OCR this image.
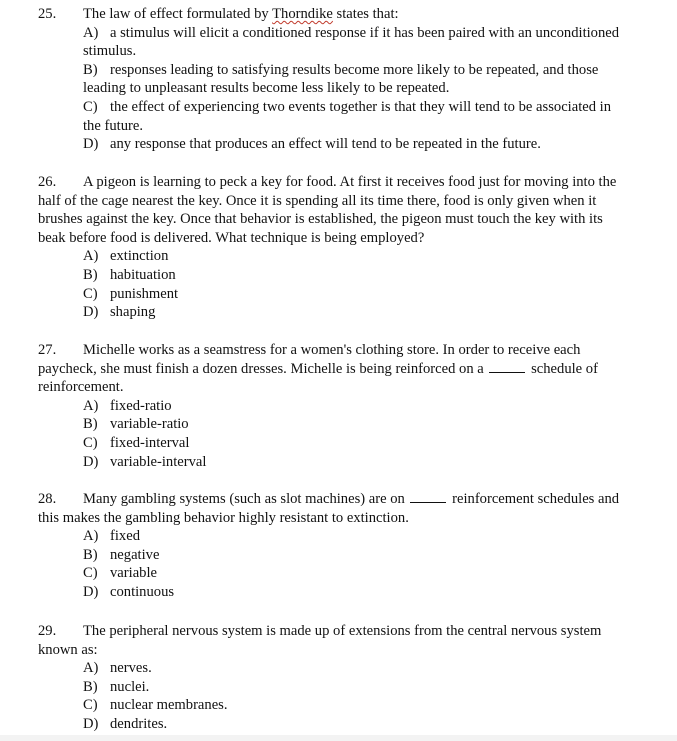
25. The law of effect formulated by Thorndike states that:

A) a stimulus will elicit a conditioned response if it has been paired with an unconditioned stimulus.
B) responses leading to satisfying results become more likely to be repeated, and those leading to unpleasant results become less likely to be repeated.
C) the effect of experiencing two events together is that they will tend to be associated in the future.
D) any response that produces an effect will tend to be repeated in the future.

26. A pigeon is learning to peck a key for food. At first it receives food just for moving into the half of the cage nearest the key. Once it is spending all its time there, food is only given when it brushes against the key. Once that behavior is established, the pigeon must touch the key with its beak before food is delivered. What technique is being employed?

A) extinction
B) habituation
C) punishment
D) shaping

27. Michelle works as a seamstress for a women's clothing store. In order to receive each paycheck, she must finish a dozen dresses. Michelle is being reinforced on a	schedule of reinforcement.

A) fixed-ratio
B) variable-ratio
C) fixed-interval
D) variable-interval

28. Many gambling systems (such as slot machines) are on	reinforcement schedules and this makes the gambling behavior highly resistant to extinction.

A) fixed
B) negative
C) variable
D) continuous

29. The peripheral nervous system is made up of extensions from the central nervous system known as:

A) nerves.
B) nuclei.
C) nuclear membranes.
D) dendrites.
